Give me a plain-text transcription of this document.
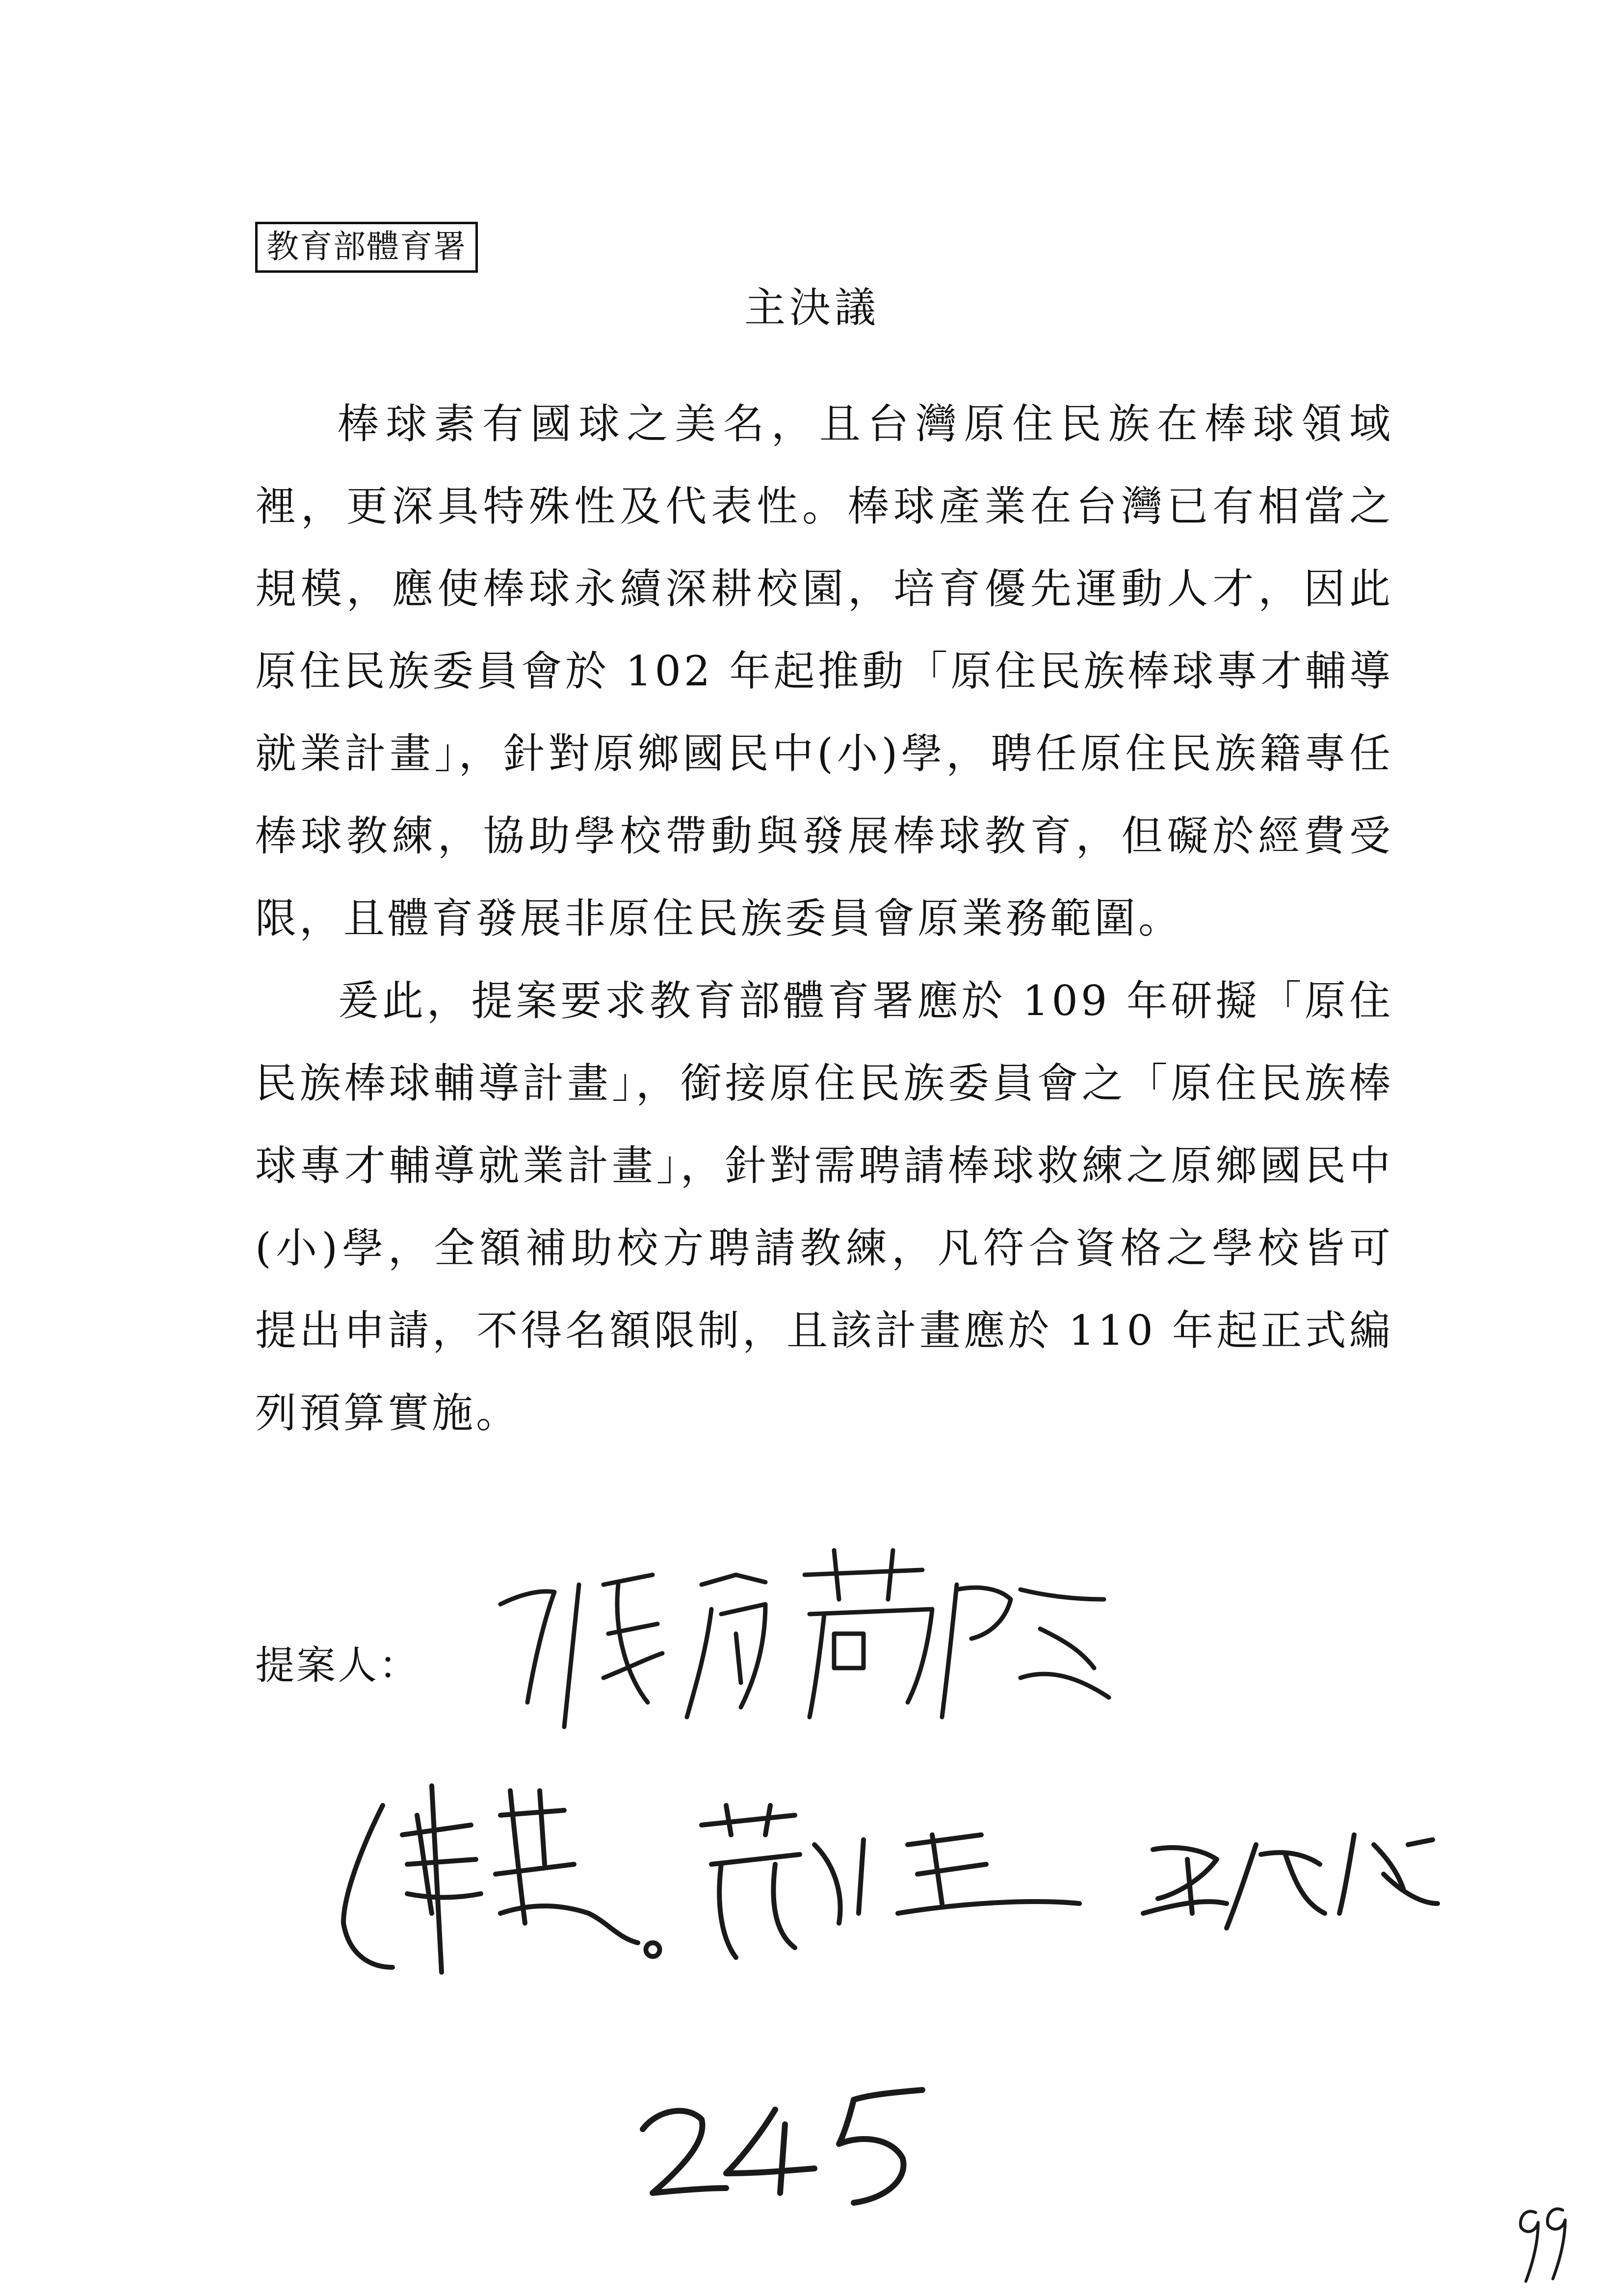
教育部體育署
主決議

棒球素有國球之美名，且台灣原住民族在棒球領域裡，更深具特殊性及代表性。棒球產業在台灣已有相當之規模，應使棒球永續深耕校園，培育優先運動人才，因此原住民族委員會於 102 年起推動「原住民族棒球專才輔導就業計畫」，針對原鄉國民中(小)學，聘任原住民族籍專任棒球教練，協助學校帶動與發展棒球教育，但礙於經費受限，且體育發展非原住民族委員會原業務範圍。

爰此，提案要求教育部體育署應於 109 年研擬「原住民族棒球輔導計畫」，銜接原住民族委員會之「原住民族棒球專才輔導就業計畫」，針對需聘請棒球救練之原鄉國民中(小)學，全額補助校方聘請教練，凡符合資格之學校皆可提出申請，不得名額限制，且該計畫應於 110 年起正式編列預算實施。

提案人：
